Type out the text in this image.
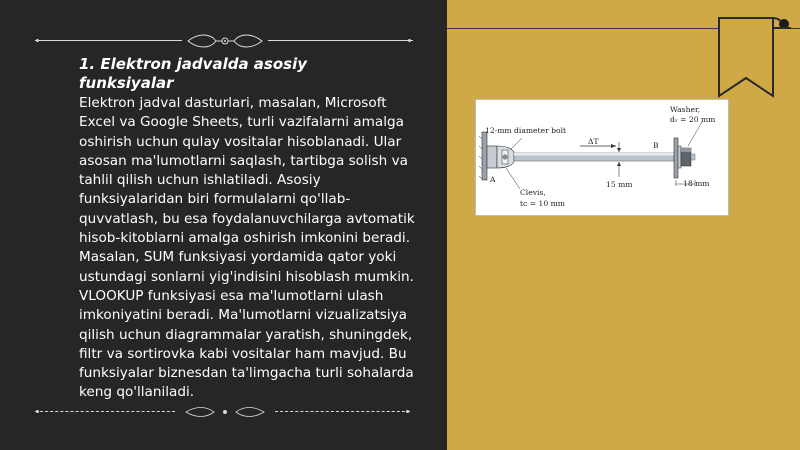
1. Elektron jadvalda asosiy funksiyalar

Elektron jadval dasturlari, masalan, Microsoft Excel va Google Sheets, turli vazifalarni amalga oshirish uchun qulay vositalar hisoblanadi. Ular asosan ma'lumotlarni saqlash, tartibga solish va tahlil qilish uchun ishlatiladi. Asosiy funksiyalaridan biri formulalarni qo'llab-quvvatlash, bu esa foydalanuvchilarga avtomatik hisob-kitoblarni amalga oshirish imkonini beradi. Masalan, SUM funksiyasi yordamida qator yoki ustundagi sonlarni yig'indisini hisoblash mumkin. VLOOKUP funksiyasi esa ma'lumotlarni ulash imkoniyatini beradi. Ma'lumotlarni vizualizatsiya qilish uchun diagrammalar yaratish, shuningdek, filtr va sortirovka kabi vositalar ham mavjud. Bu funksiyalar biznesdan ta'limgacha turli sohalarda keng qo'llaniladi.

12-mm diameter bolt
Washer,
dᵥ = 20 mm
ΔT
A
B
15 mm	18 mm
Clevis,
tᴄ = 10 mm
